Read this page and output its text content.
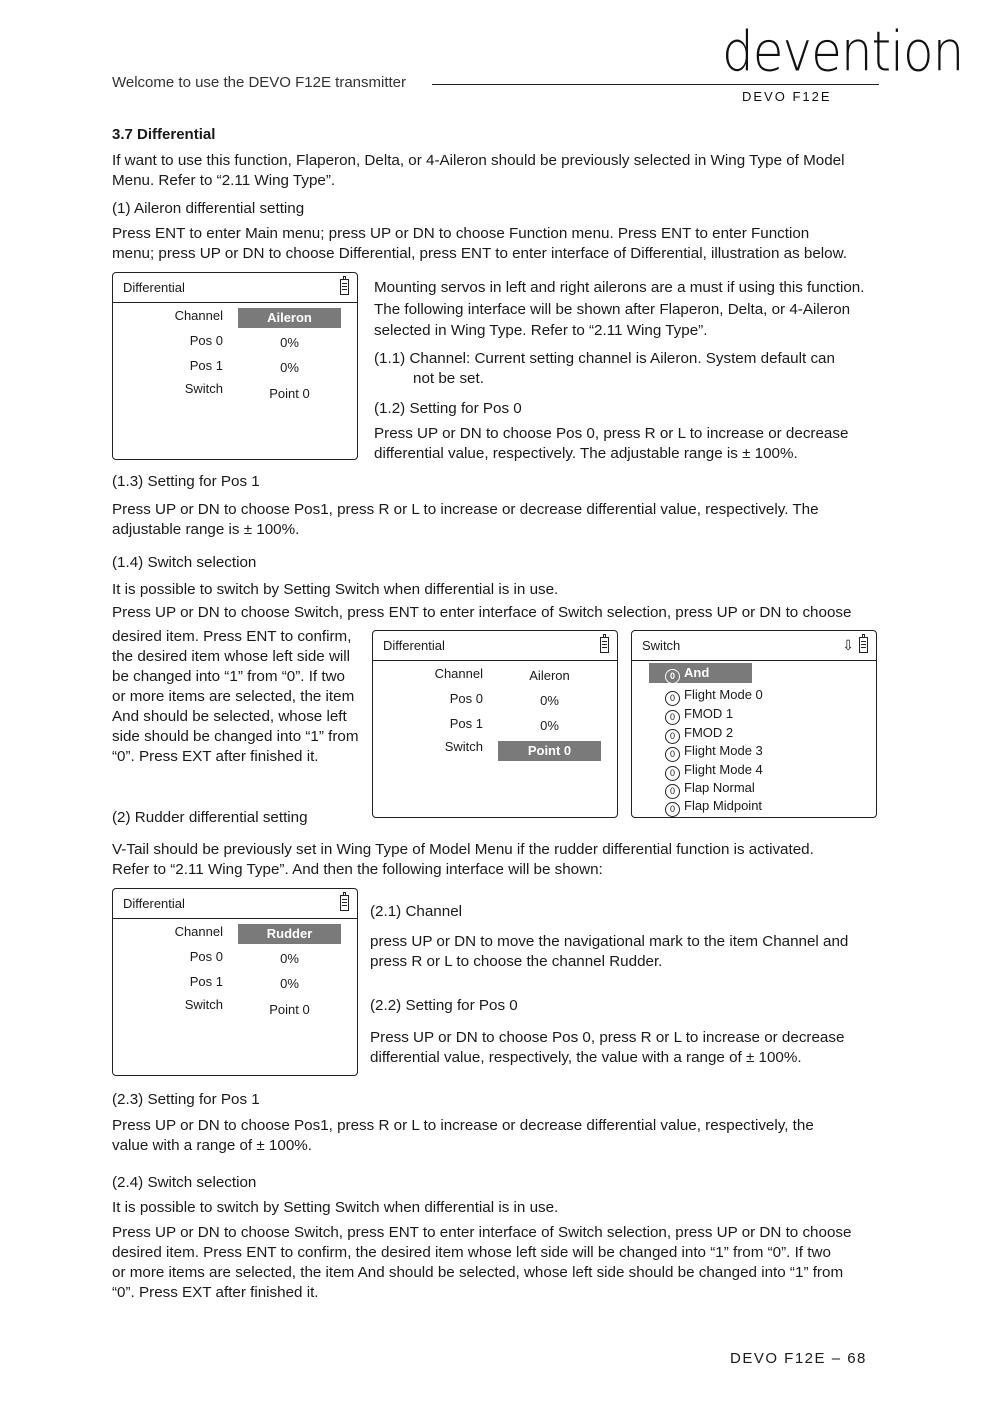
Welcome to use the DEVO F12E transmitter	devention
DEVO F12E
3.7 Differential

If want to use this function, Flaperon, Delta, or 4-Aileron should be previously selected in Wing Type of Model

Menu. Refer to “2.11 Wing Type”.

(1) Aileron differential setting

Press ENT to enter Main menu; press UP or DN to choose Function menu. Press ENT to enter Function

menu; press UP or DN to choose Differential, press ENT to enter interface of Differential, illustration as below.

Differential
Channel	Aileron
Pos 0	0%
Pos 1	0%
Switch	Point 0

Mounting servos in left and right ailerons are a must if using this function.

The following interface will be shown after Flaperon, Delta, or 4-Aileron

selected in Wing Type. Refer to “2.11 Wing Type”.

(1.1) Channel: Current setting channel is Aileron. System default can

not be set.

(1.2) Setting for Pos 0

Press UP or DN to choose Pos 0, press R or L to increase or decrease

differential value, respectively. The adjustable range is ± 100%.

(1.3) Setting for Pos 1

Press UP or DN to choose Pos1, press R or L to increase or decrease differential value, respectively. The

adjustable range is ± 100%.

(1.4) Switch selection

It is possible to switch by Setting Switch when differential is in use.

Press UP or DN to choose Switch, press ENT to enter interface of Switch selection, press UP or DN to choose

desired item. Press ENT to confirm,

the desired item whose left side will

be changed into “1” from “0”. If two

or more items are selected, the item

And should be selected, whose left

side should be changed into “1” from

“0”. Press EXT after finished it.

Differential
Channel	Aileron
Pos 0	0%
Pos 1	0%
Switch	Point 0
Switch	⇩
0 And
0 Flight Mode 0
0 FMOD 1
0 FMOD 2
0 Flight Mode 3
0 Flight Mode 4
0 Flap Normal
0 Flap Midpoint

(2) Rudder differential setting

V-Tail should be previously set in Wing Type of Model Menu if the rudder differential function is activated.

Refer to “2.11 Wing Type”. And then the following interface will be shown:

Differential
Channel	Rudder
Pos 0	0%
Pos 1	0%
Switch	Point 0

(2.1) Channel

press UP or DN to move the navigational mark to the item Channel and

press R or L to choose the channel Rudder.

(2.2) Setting for Pos 0

Press UP or DN to choose Pos 0, press R or L to increase or decrease

differential value, respectively, the value with a range of ± 100%.

(2.3) Setting for Pos 1

Press UP or DN to choose Pos1, press R or L to increase or decrease differential value, respectively, the

value with a range of ± 100%.

(2.4) Switch selection

It is possible to switch by Setting Switch when differential is in use.

Press UP or DN to choose Switch, press ENT to enter interface of Switch selection, press UP or DN to choose

desired item. Press ENT to confirm, the desired item whose left side will be changed into “1” from “0”. If two

or more items are selected, the item And should be selected, whose left side should be changed into “1” from

“0”. Press EXT after finished it.

DEVO F12E – 68
